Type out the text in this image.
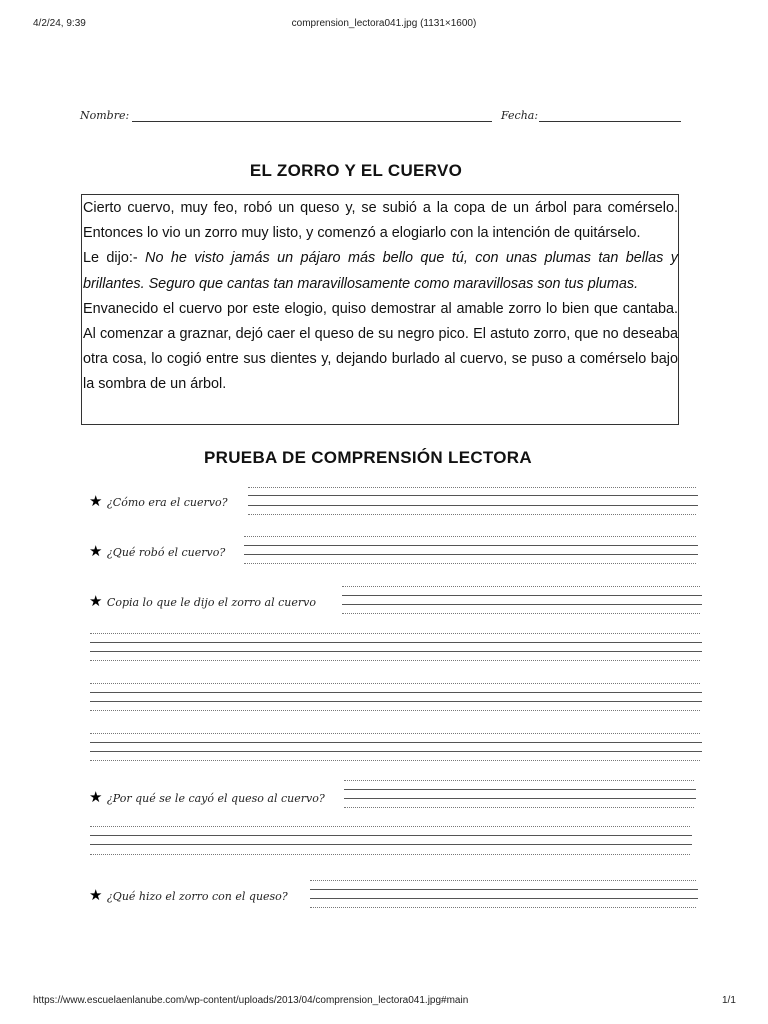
4/2/24, 9:39	comprension_lectora041.jpg (1131×1600)
https://www.escuelaenlanube.com/wp-content/uploads/2013/04/comprension_lectora041.jpg#main	1/1
Nombre:	Fecha:
EL ZORRO Y EL CUERVO

Cierto cuervo, muy feo, robó un queso y, se subió a la copa de un árbol para comérselo. Entonces lo vio un zorro muy listo, y comenzó a elogiarlo con la intención de quitárselo.

Le dijo:- No he visto jamás un pájaro más bello que tú, con unas plumas tan bellas y brillantes. Seguro que cantas tan maravillosamente como maravillosas son tus plumas.

Envanecido el cuervo por este elogio, quiso demostrar al amable zorro lo bien que cantaba. Al comenzar a graznar, dejó caer el queso de su negro pico. El astuto zorro, que no deseaba otra cosa, lo cogió entre sus dientes y, dejando burlado al cuervo, se puso a comérselo bajo la sombra de un árbol.

PRUEBA DE COMPRENSIÓN LECTORA
★ ¿Cómo era el cuervo?
★ ¿Qué robó el cuervo?
★ Copia lo que le dijo el zorro al cuervo
★ ¿Por qué se le cayó el queso al cuervo?
★ ¿Qué hizo el zorro con el queso?
